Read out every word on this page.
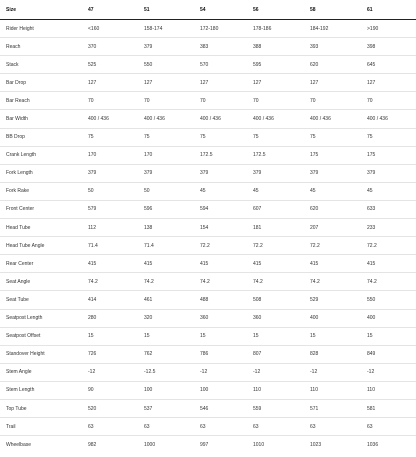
Size	47	51	54	56	58	61
Rider Height	<160	158-174	172-180	178-186	184-192	>190
Reach	370	379	383	388	393	398
Stack	525	550	570	595	620	645
Bar Drop	127	127	127	127	127	127
Bar Reach	70	70	70	70	70	70
Bar Width	400 / 436	400 / 436	400 / 436	400 / 436	400 / 436	400 / 436
BB Drop	75	75	75	75	75	75
Crank Length	170	170	172.5	172.5	175	175
Fork Length	379	379	379	379	379	379
Fork Rake	50	50	45	45	45	45
Front Center	579	596	594	607	620	633
Head Tube	112	138	154	181	207	233
Head Tube Angle	71.4	71.4	72.2	72.2	72.2	72.2
Rear Center	415	415	415	415	415	415
Seat Angle	74.2	74.2	74.2	74.2	74.2	74.2
Seat Tube	414	461	488	508	529	550
Seatpost Length	280	320	360	360	400	400
Seatpost Offset	15	15	15	15	15	15
Standover Height	726	762	786	807	828	849
Stem Angle	-12	-12.5	-12	-12	-12	-12
Stem Length	90	100	100	110	110	110
Top Tube	520	537	546	559	571	581
Trail	63	63	63	63	63	63
Wheelbase	982	1000	997	1010	1023	1036
